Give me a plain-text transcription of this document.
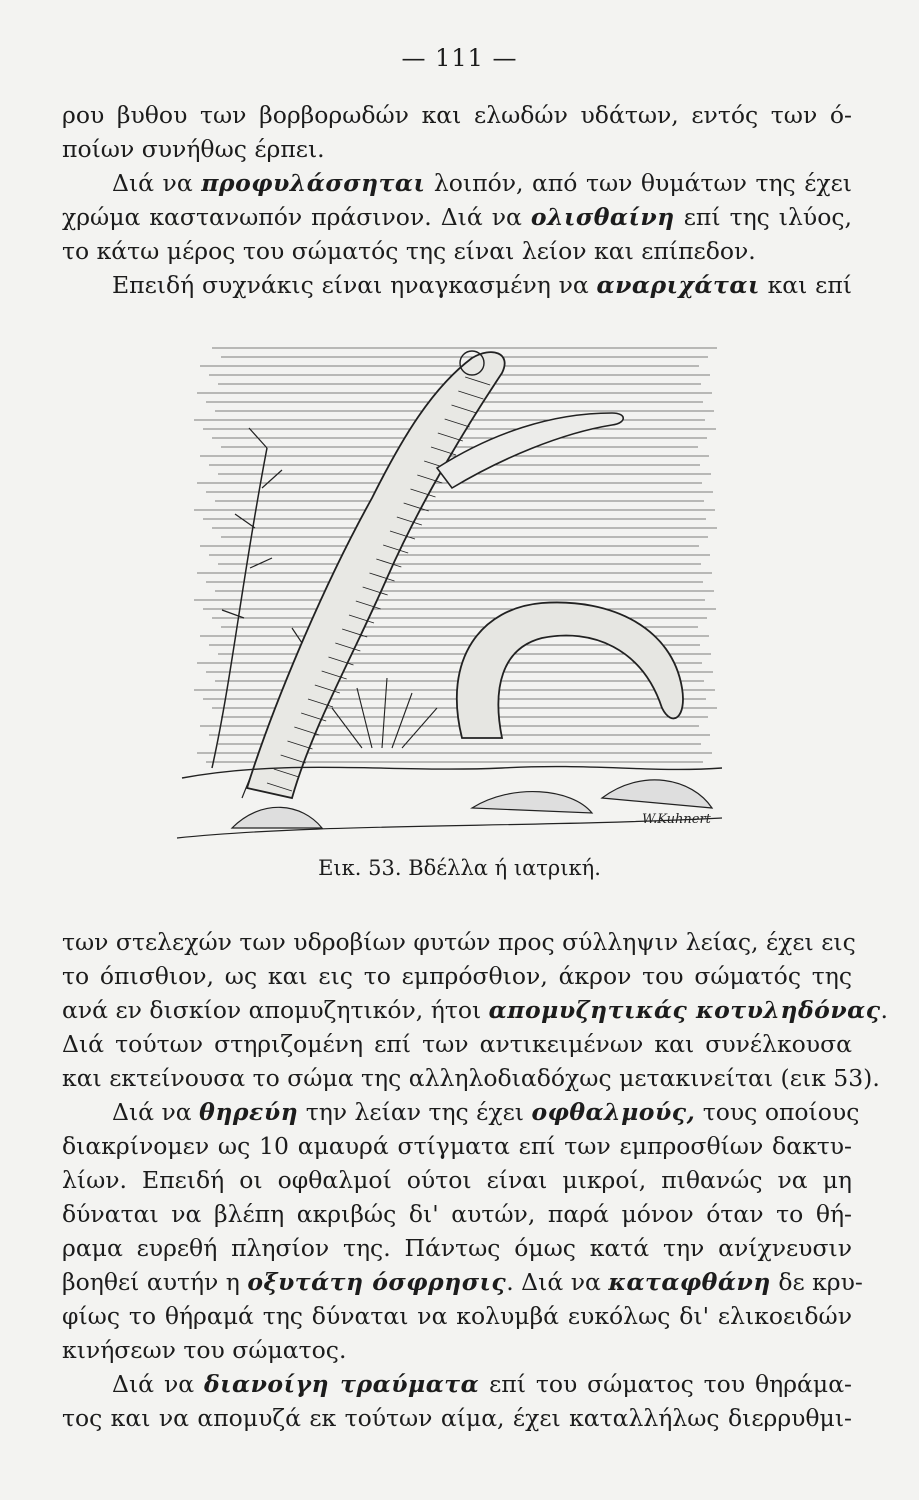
— 111 —
ρου βυθου των βορβορωδών και ελωδών υδάτων, εντός των ό-
ποίων συνήθως έρπει.
Διά να προφυλάσσηται λοιπόν, από των θυμάτων της έχει
χρώμα καστανωπόν πράσινον. Διά να ολισθαίνη επί της ιλύος,
το κάτω μέρος του σώματός της είναι λείον και επίπεδον.
Επειδή συχνάκις είναι ηναγκασμένη να αναριχάται και επί
W.Kuhnert
Εικ. 53. Βδέλλα ή ιατρική.
των στελεχών των υδροβίων φυτών προς σύλληψιν λείας, έχει εις
το όπισθιον, ως και εις το εμπρόσθιον, άκρον του σώματός της
ανά εν δισκίον απομυζητικόν, ήτοι απομυζητικάς κοτυληδόνας.
Διά τούτων στηριζομένη επί των αντικειμένων και συνέλκουσα
και εκτείνουσα το σώμα της αλληλοδιαδόχως μετακινείται (εικ 53).
Διά να θηρεύη την λείαν της έχει οφθαλμούς, τους οποίους
διακρίνομεν ως 10 αμαυρά στίγματα επί των εμπροσθίων δακτυ-
λίων. Επειδή οι οφθαλμοί ούτοι είναι μικροί, πιθανώς να μη
δύναται να βλέπη ακριβώς δι' αυτών, παρά μόνον όταν το θή-
ραμα ευρεθή πλησίον της. Πάντως όμως κατά την ανίχνευσιν
βοηθεί αυτήν η οξυτάτη όσφρησις. Διά να καταφθάνη δε κρυ-
φίως το θήραμά της δύναται να κολυμβά ευκόλως δι' ελικοειδών
κινήσεων του σώματος.
Διά να διανοίγη τραύματα επί του σώματος του θηράμα-
τος και να απομυζά εκ τούτων αίμα, έχει καταλλήλως διερρυθμι-
